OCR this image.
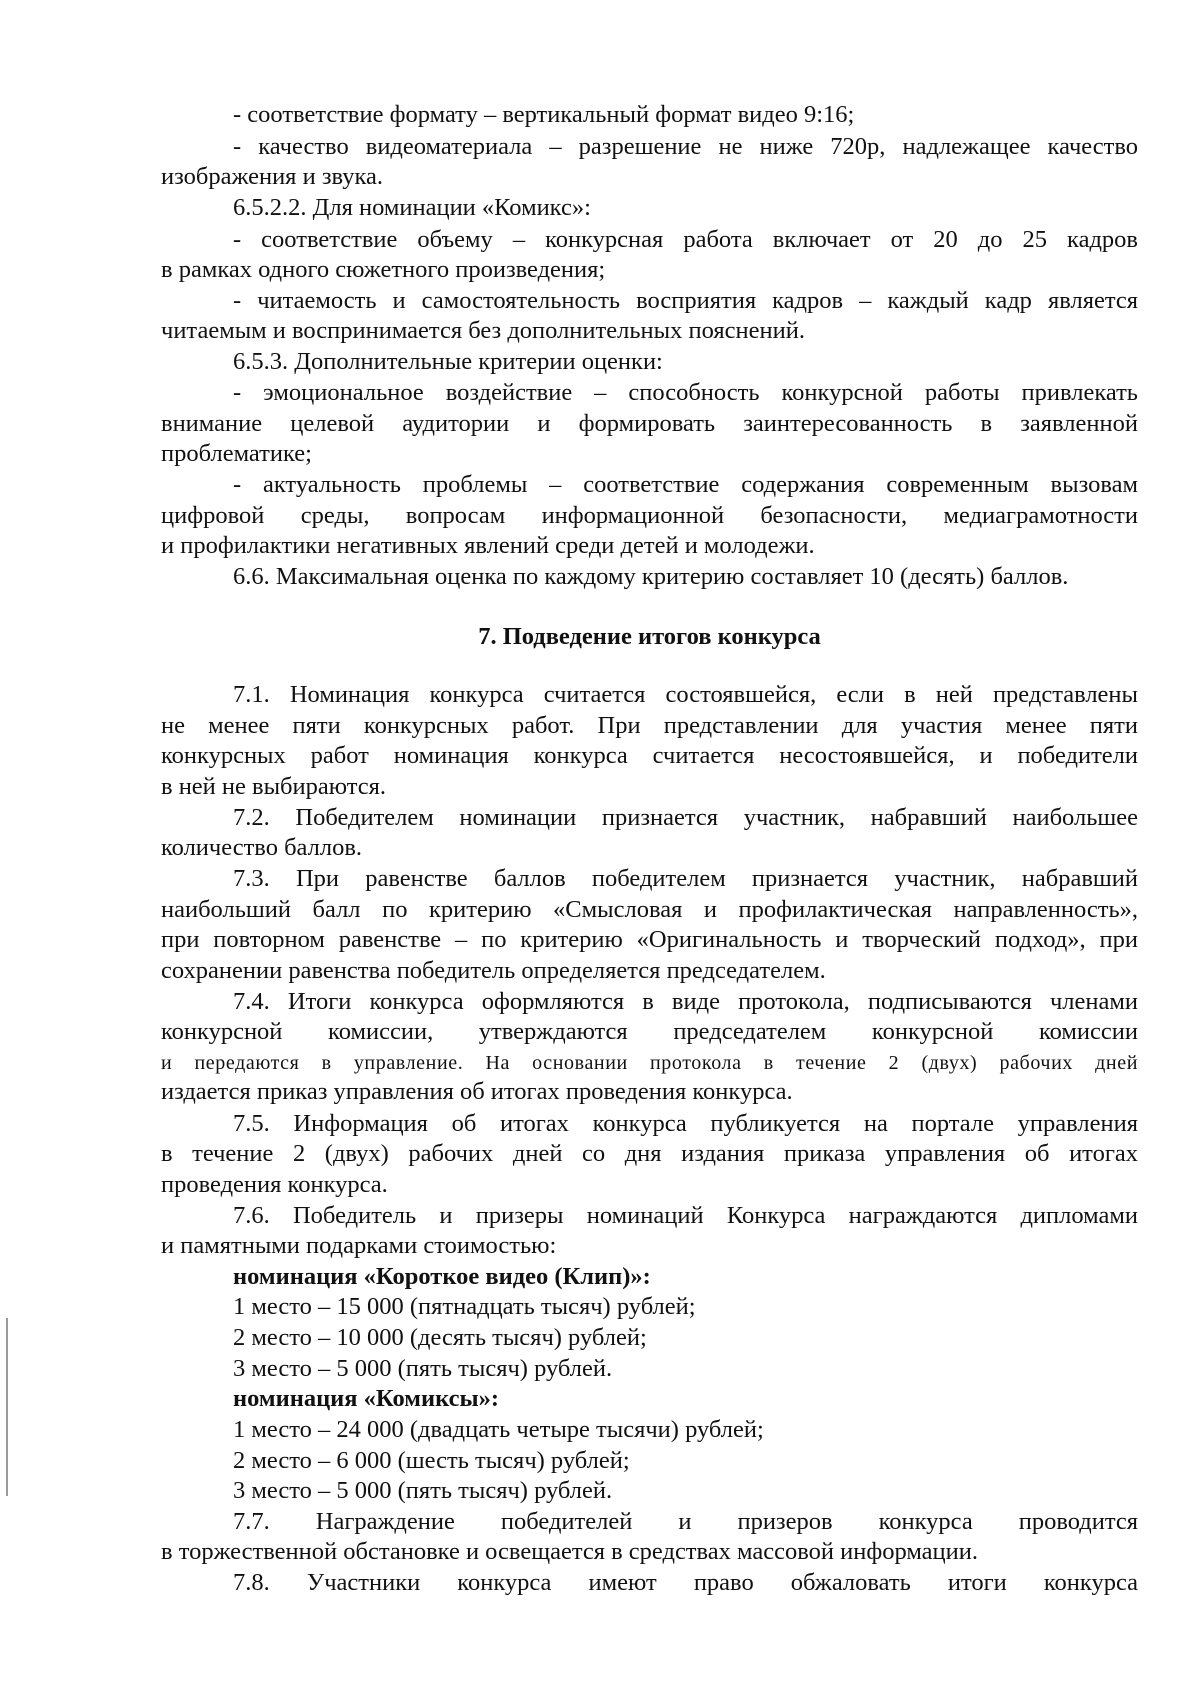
- соответствие формату – вертикальный формат видео 9:16;
- качество видеоматериала – разрешение не ниже 720р, надлежащее качество
изображения и звука.
6.5.2.2. Для номинации «Комикс»:
- соответствие объему – конкурсная работа включает от 20 до 25 кадров
в рамках одного сюжетного произведения;
- читаемость и самостоятельность восприятия кадров – каждый кадр является
читаемым и воспринимается без дополнительных пояснений.
6.5.3. Дополнительные критерии оценки:
- эмоциональное воздействие – способность конкурсной работы привлекать
внимание целевой аудитории и формировать заинтересованность в заявленной
проблематике;
- актуальность проблемы – соответствие содержания современным вызовам
цифровой среды, вопросам информационной безопасности, медиаграмотности
и профилактики негативных явлений среди детей и молодежи.
6.6. Максимальная оценка по каждому критерию составляет 10 (десять) баллов.
7. Подведение итогов конкурса
7.1. Номинация конкурса считается состоявшейся, если в ней представлены
не менее пяти конкурсных работ. При представлении для участия менее пяти
конкурсных работ номинация конкурса считается несостоявшейся, и победители
в ней не выбираются.
7.2. Победителем номинации признается участник, набравший наибольшее
количество баллов.
7.3. При равенстве баллов победителем признается участник, набравший
наибольший балл по критерию «Смысловая и профилактическая направленность»,
при повторном равенстве – по критерию «Оригинальность и творческий подход», при
сохранении равенства победитель определяется председателем.
7.4. Итоги конкурса оформляются в виде протокола, подписываются членами
конкурсной комиссии, утверждаются председателем конкурсной комиссии
и передаются в управление. На основании протокола в течение 2 (двух) рабочих дней
издается приказ управления об итогах проведения конкурса.
7.5. Информация об итогах конкурса публикуется на портале управления
в течение 2 (двух) рабочих дней со дня издания приказа управления об итогах
проведения конкурса.
7.6. Победитель и призеры номинаций Конкурса награждаются дипломами
и памятными подарками стоимостью:
номинация «Короткое видео (Клип)»:
1 место – 15 000 (пятнадцать тысяч) рублей;
2 место – 10 000 (десять тысяч) рублей;
3 место – 5 000 (пять тысяч) рублей.
номинация «Комиксы»:
1 место – 24 000 (двадцать четыре тысячи) рублей;
2 место – 6 000 (шесть тысяч) рублей;
3 место – 5 000 (пять тысяч) рублей.
7.7. Награждение победителей и призеров конкурса проводится
в торжественной обстановке и освещается в средствах массовой информации.
7.8. Участники конкурса имеют право обжаловать итоги конкурса
